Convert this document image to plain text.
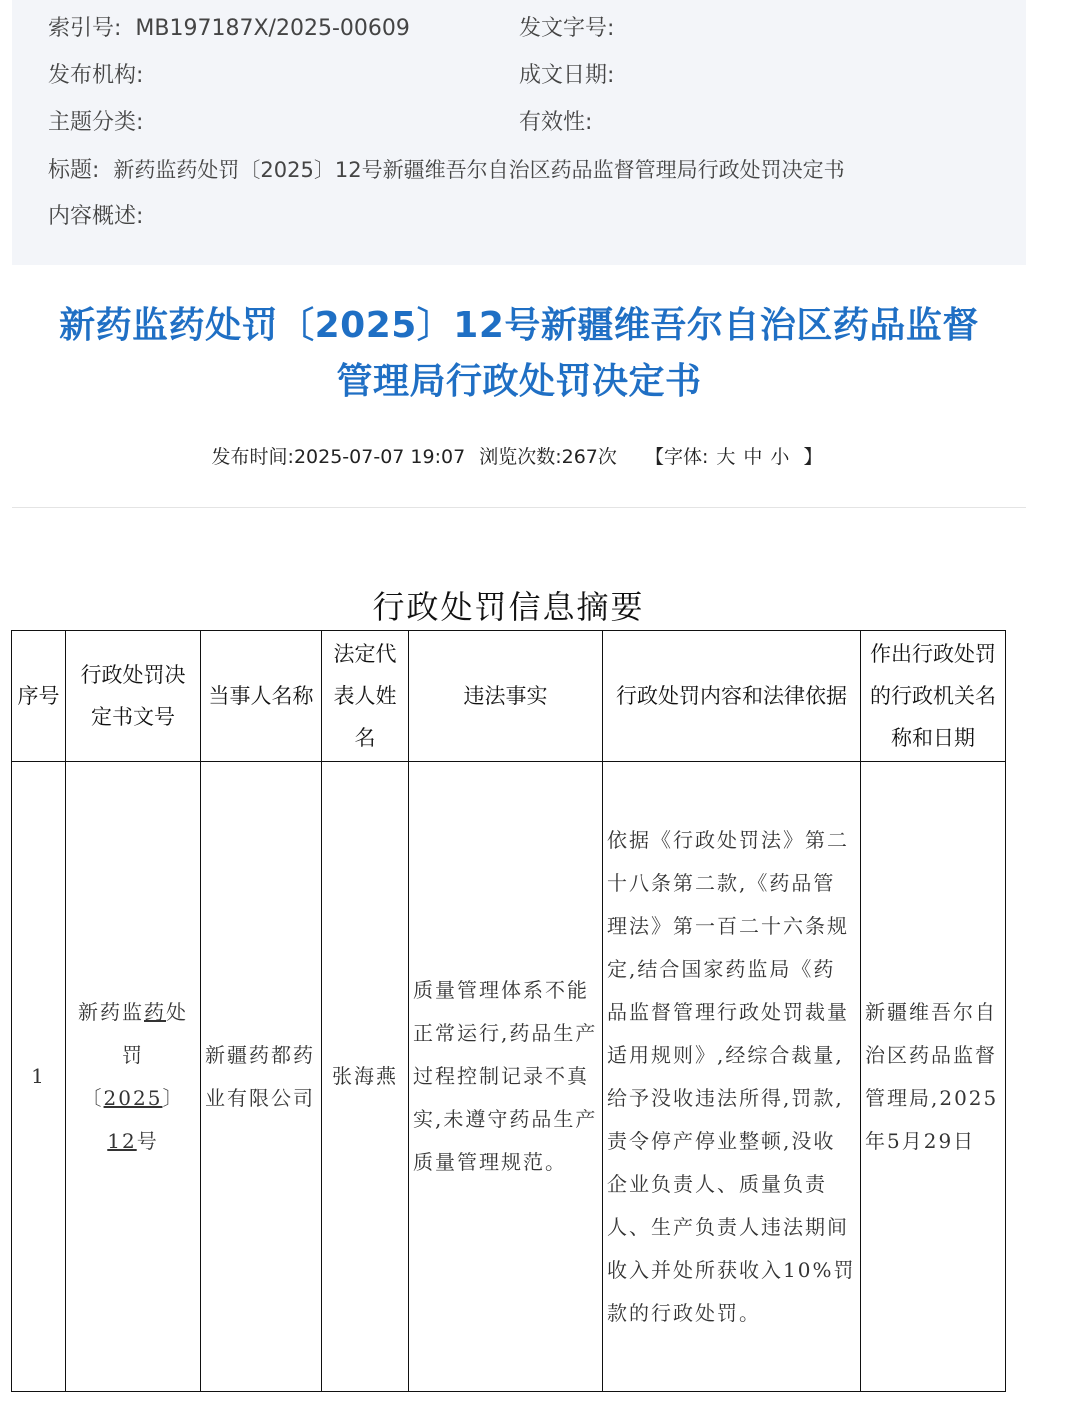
索引号: MB197187X/2025-00609	发文字号:
发布机构:	成文日期:
主题分类:	有效性:
标题: 新药监药处罚〔2025〕12号新疆维吾尔自治区药品监督管理局行政处罚决定书
内容概述:
新药监药处罚〔2025〕12号新疆维吾尔自治区药品监督
管理局行政处罚决定书
发布时间:2025-07-07 19:07 浏览次数:267次 【字体: 大 中 小 】
行政处罚信息摘要
序号	行政处罚决定书文号	当事人名称	法定代表人姓名	违法事实	行政处罚内容和法律依据	作出行政处罚的行政机关名称和日期
1	新药监药处罚〔2025〕12号	新疆药都药业有限公司	张海燕	质量管理体系不能正常运行,药品生产过程控制记录不真实,未遵守药品生产质量管理规范。	依据《行政处罚法》第二十八条第二款,《药品管理法》第一百二十六条规定,结合国家药监局《药品监督管理行政处罚裁量适用规则》,经综合裁量,给予没收违法所得,罚款,责令停产停业整顿,没收企业负责人、质量负责人、生产负责人违法期间收入并处所获收入10%罚款的行政处罚。	新疆维吾尔自治区药品监督管理局,2025年5月29日
